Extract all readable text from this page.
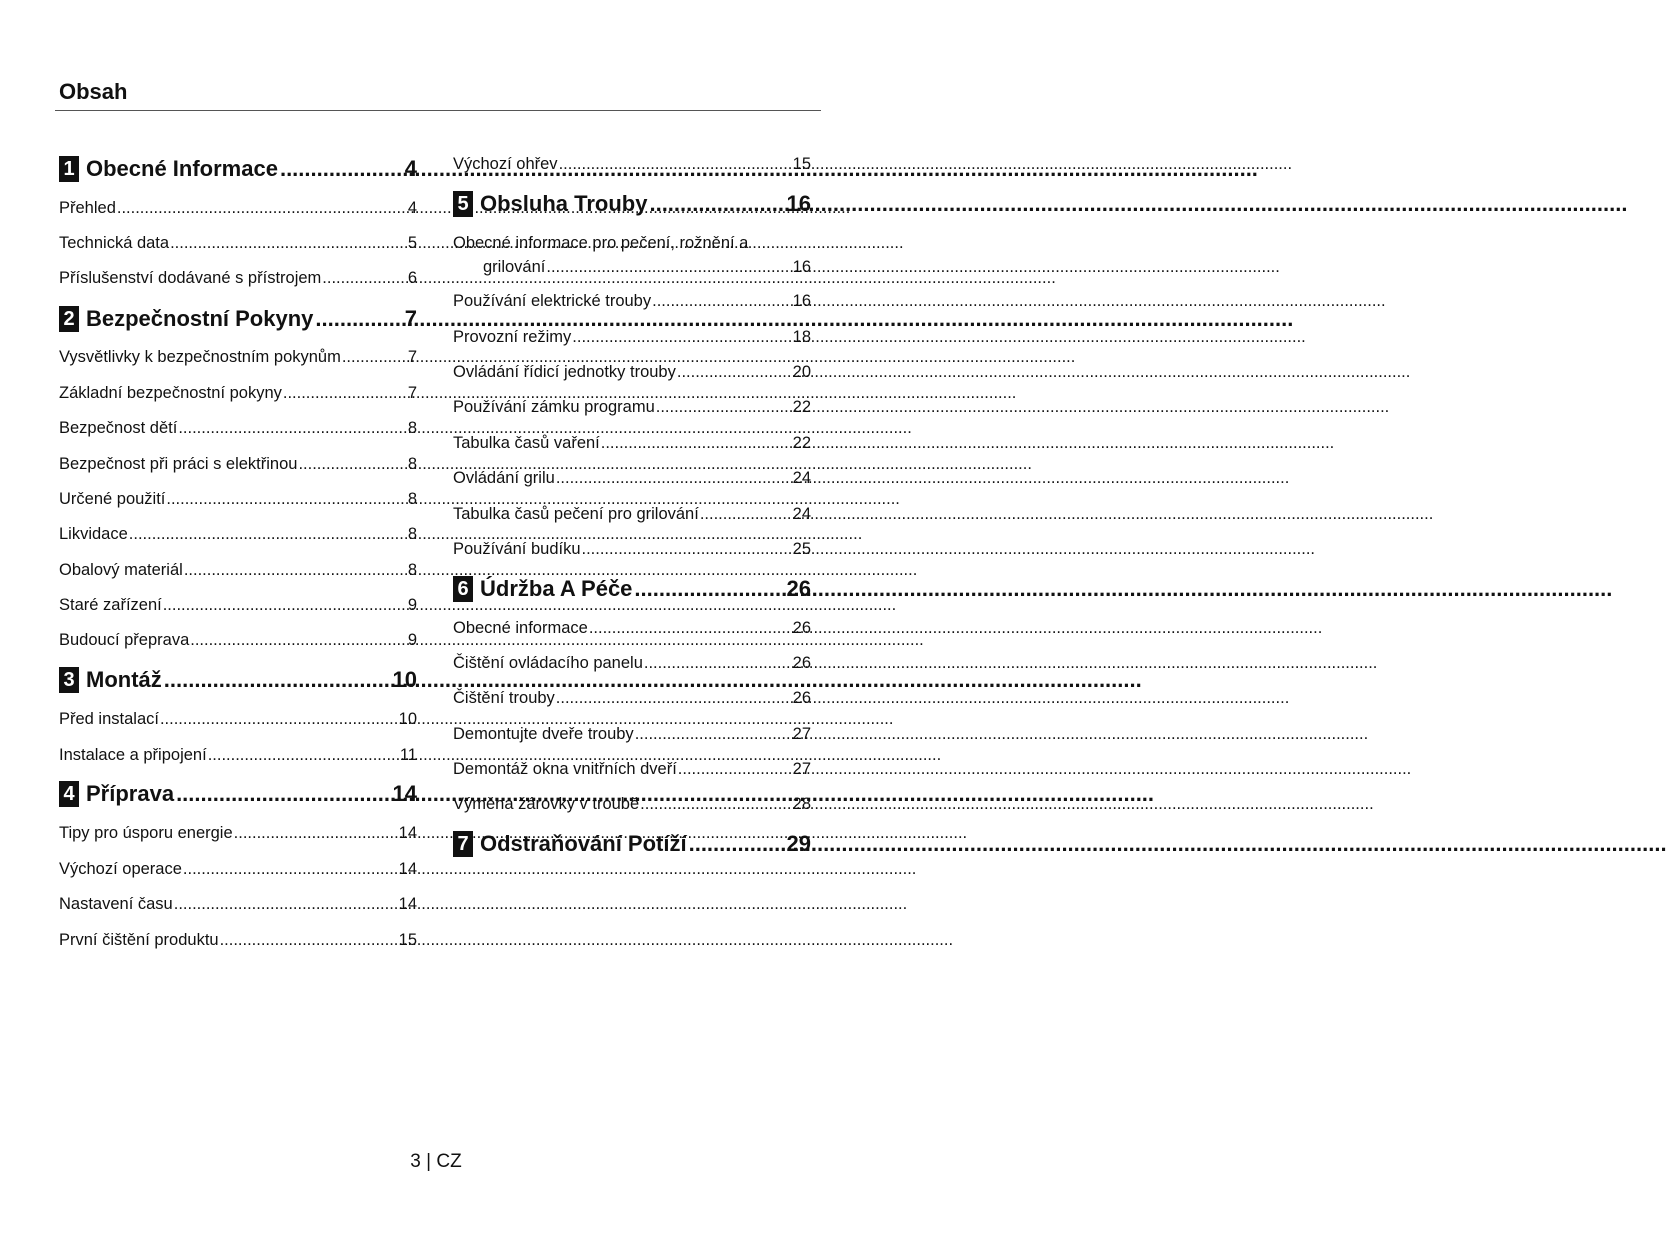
Obsah
1 Obecné Informace .....	4
Přehled .....	4
Technická data .....	5
Příslušenství dodávané s přístrojem .....	6
2 Bezpečnostní Pokyny .....	7
Vysvětlivky k bezpečnostním pokynům .....	7
Základní bezpečnostní pokyny .....	7
Bezpečnost dětí .....	8
Bezpečnost při práci s elektřinou .....	8
Určené použití .....	8
Likvidace .....	8
Obalový materiál .....	8
Staré zařízení .....	9
Budoucí přeprava .....	9
3 Montáž .....	10
Před instalací .....	10
Instalace a připojení .....	11
4 Příprava .....	14
Tipy pro úsporu energie .....	14
Výchozí operace .....	14
Nastavení času .....	14
První čištění produktu .....	15
Výchozí ohřev .....	15
5 Obsluha Trouby .....	16
Obecné informace pro pečení, rožnění a
grilování .....	16
Používání elektrické trouby .....	16
Provozní režimy .....	18
Ovládání řídicí jednotky trouby .....	20
Používání zámku programu .....	22
Tabulka časů vaření .....	22
Ovládání grilu .....	24
Tabulka časů pečení pro grilování .....	24
Používání budíku .....	25
6 Údržba A Péče .....	26
Obecné informace .....	26
Čištění ovládacího panelu .....	26
Čištění trouby .....	26
Demontujte dveře trouby .....	27
Demontáž okna vnitřních dveří .....	27
Výměna žárovky v troubě .....	28
7 Odstraňování Potíží .....	29
3 | CZ
